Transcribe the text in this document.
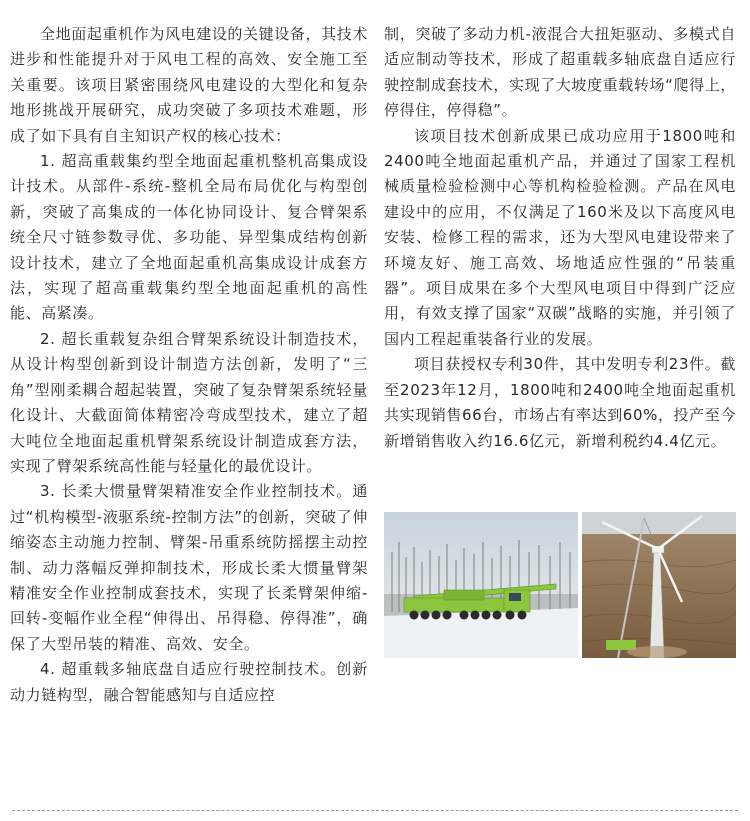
全地面起重机作为风电建设的关键设备，其技术进步和性能提升对于风电工程的高效、安全施工至关重要。该项目紧密围绕风电建设的大型化和复杂地形挑战开展研究，成功突破了多项技术难题，形成了如下具有自主知识产权的核心技术：

1. 超高重载集约型全地面起重机整机高集成设计技术。从部件-系统-整机全局布局优化与构型创新，突破了高集成的一体化协同设计、复合臂架系统全尺寸链参数寻优、多功能、异型集成结构创新设计技术，建立了全地面起重机高集成设计成套方法，实现了超高重载集约型全地面起重机的高性能、高紧凑。

2. 超长重载复杂组合臂架系统设计制造技术，从设计构型创新到设计制造方法创新，发明了“三角”型刚柔耦合超起装置，突破了复杂臂架系统轻量化设计、大截面简体精密冷弯成型技术，建立了超大吨位全地面起重机臂架系统设计制造成套方法，实现了臂架系统高性能与轻量化的最优设计。

3. 长柔大惯量臂架精准安全作业控制技术。通过“机构模型-液驱系统-控制方法”的创新，突破了伸缩姿态主动施力控制、臂架-吊重系统防摇摆主动控制、动力落幅反弹抑制技术，形成长柔大惯量臂架精准安全作业控制成套技术，实现了长柔臂架伸缩-回转-变幅作业全程“伸得出、吊得稳、停得准”，确保了大型吊装的精准、高效、安全。

4. 超重载多轴底盘自适应行驶控制技术。创新动力链构型，融合智能感知与自适应控

制，突破了多动力机-液混合大扭矩驱动、多模式自适应制动等技术，形成了超重载多轴底盘自适应行驶控制成套技术，实现了大坡度重载转场“爬得上，停得住，停得稳”。

该项目技术创新成果已成功应用于1800吨和2400吨全地面起重机产品，并通过了国家工程机械质量检验检测中心等机构检验检测。产品在风电建设中的应用，不仅满足了160米及以下高度风电安装、检修工程的需求，还为大型风电建设带来了环境友好、施工高效、场地适应性强的“吊装重器”。项目成果在多个大型风电项目中得到广泛应用，有效支撑了国家“双碳”战略的实施，并引领了国内工程起重装备行业的发展。

项目获授权专利30件，其中发明专利23件。截至2023年12月，1800吨和2400吨全地面起重机共实现销售66台，市场占有率达到60%，投产至今新增销售收入约16.6亿元，新增利税约4.4亿元。
